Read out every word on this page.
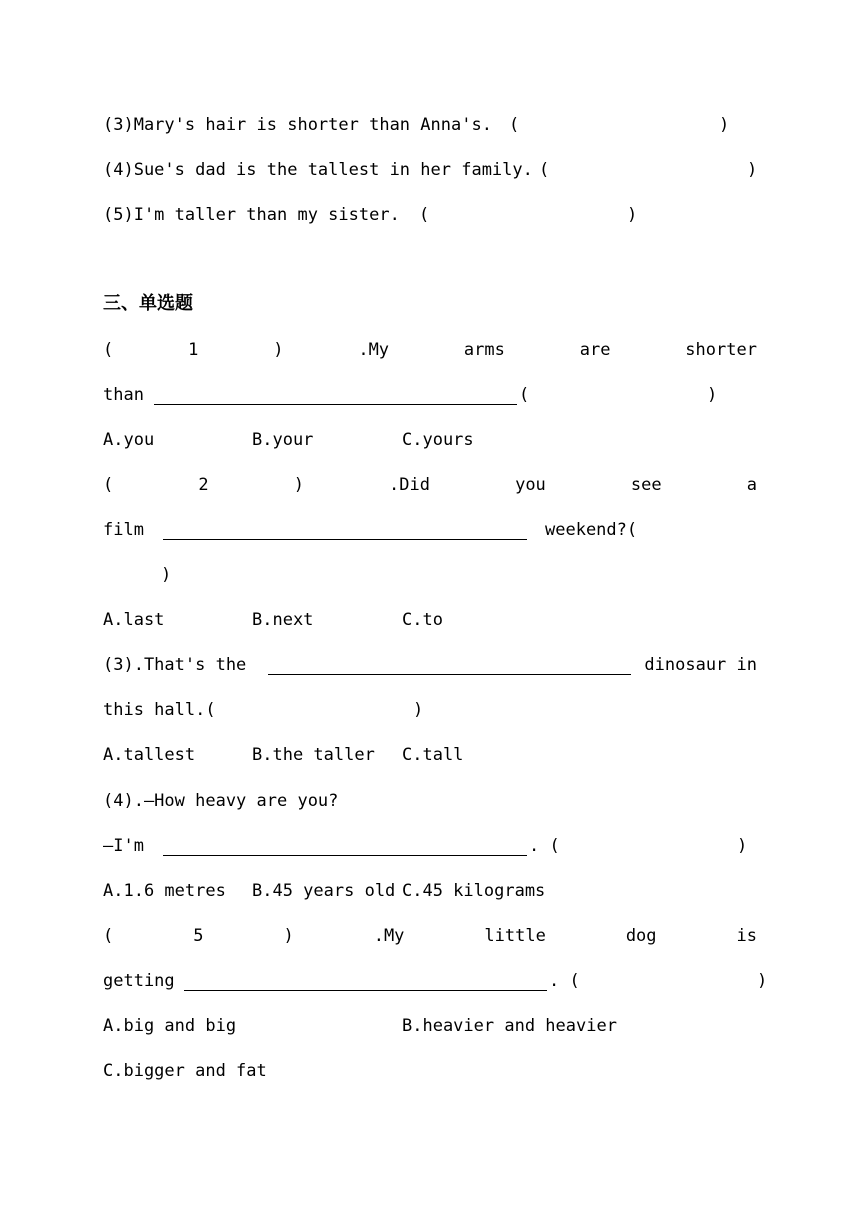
(3)Mary's hair is shorter than Anna's. (	)
(4)Sue's dad is the tallest in her family. (	)
(5)I'm taller than my sister. (	)
三、单选题
(	1	)	.My	arms	are	shorter
than	(	)
A.you	B.your	C.yours
(	2	)	.Did	you	see	a
film	weekend?(
)
A.last	B.next	C.to
(3).That's the	dinosaur in
this hall.(	)
A.tallest	B.the taller C.tall
(4).—How heavy are you?
—I'm	. (	)
A.1.6 metres B.45 years old C.45 kilograms
(	5	)	.My	little	dog	is
getting	. (	)
A.big and big	B.heavier and heavier
C.bigger and fat
